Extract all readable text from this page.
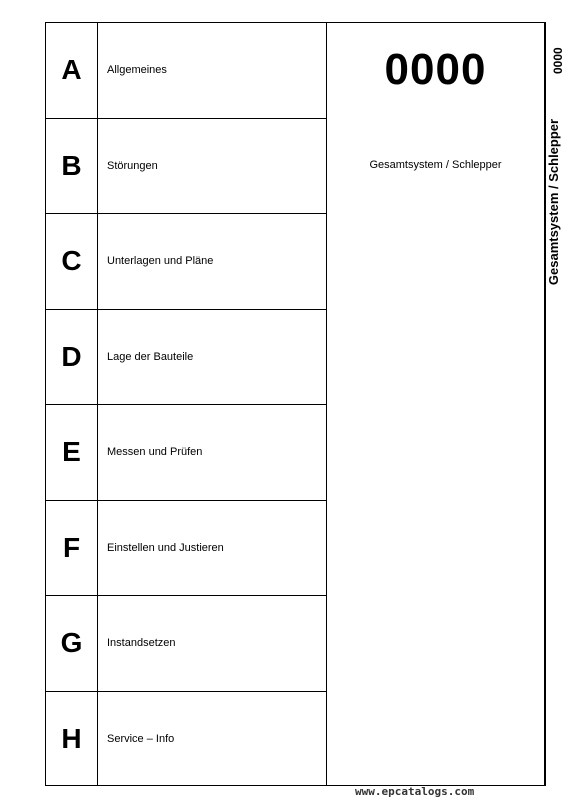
A
B
C
D
E
F
G
H
Allgemeines
Störungen
Unterlagen und Pläne
Lage der Bauteile
Messen und Prüfen
Einstellen und Justieren
Instandsetzen
Service – Info
0000
Gesamtsystem / Schlepper
0000
Gesamtsystem / Schlepper
www.epcatalogs.com
